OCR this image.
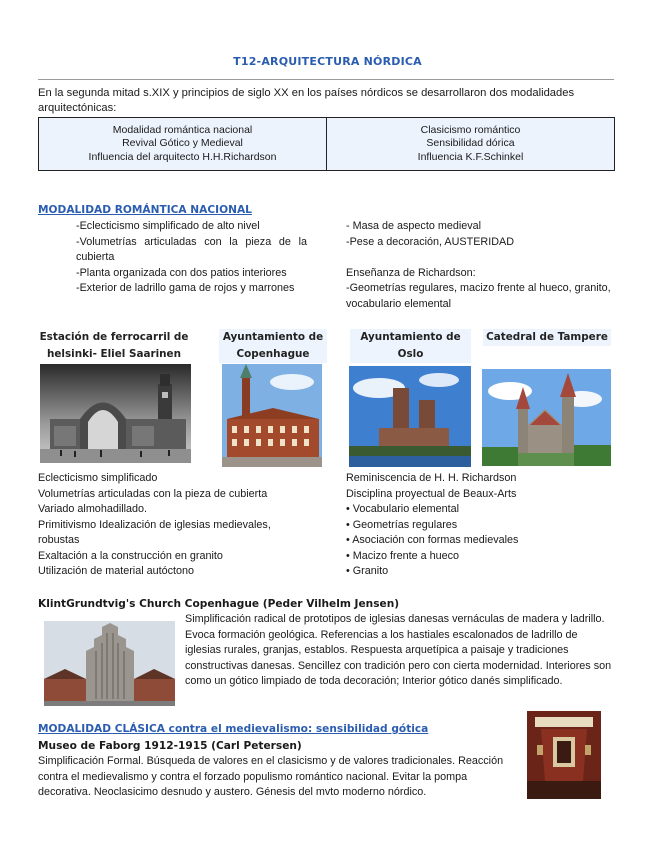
T12-ARQUITECTURA NÓRDICA
En la segunda mitad s.XIX y principios de siglo XX en los países nórdicos se desarrollaron dos modalidades arquitectónicas:
Modalidad romántica nacional
Revival Gótico y Medieval
Influencia del arquitecto H.H.Richardson
Clasicismo romántico
Sensibilidad dórica
Influencia K.F.Schinkel
MODALIDAD ROMÁNTICA NACIONAL
-Eclecticismo simplificado de alto nivel
-Volumetrías articuladas con la pieza de la cubierta
-Planta organizada con dos patios interiores
-Exterior de ladrillo gama de rojos y marrones
- Masa de aspecto medieval
-Pese a decoración, AUSTERIDAD
Enseñanza de Richardson:
-Geometrías regulares, macizo frente al hueco, granito, vocabulario elemental
Estación de ferrocarril de helsinki- Eliel Saarinen
Ayuntamiento de Copenhague
Ayuntamiento de Oslo
Catedral de Tampere
Eclecticismo simplificado
Volumetrías articuladas con la pieza de cubierta
Variado almohadillado.
Primitivismo Idealización de iglesias medievales, robustas
Exaltación a la construcción en granito
Utilización de material autóctono
Reminiscencia de H. H. Richardson
Disciplina proyectual de Beaux-Arts
• Vocabulario elemental
• Geometrías regulares
• Asociación con formas medievales
• Macizo frente a hueco
• Granito
KlintGrundtvig's Church Copenhague (Peder Vilhelm Jensen)
Simplificación radical de prototipos de iglesias danesas vernáculas de madera y ladrillo. Evoca formación geológica. Referencias a los hastiales escalonados de ladrillo de iglesias rurales, granjas, establos. Respuesta arquetípica a paisaje y tradiciones constructivas danesas. Sencillez con tradición pero con cierta modernidad. Interiores son como un gótico limpiado de toda decoración; Interior gótico danés simplificado.
MODALIDAD CLÁSICA contra el medievalismo: sensibilidad gótica
Museo de Faborg 1912-1915 (Carl Petersen)
Simplificación Formal. Búsqueda de valores en el clasicismo y de valores tradicionales. Reacción contra el medievalismo y contra el forzado populismo romántico nacional. Evitar la pompa decorativa. Neoclasicimo desnudo y austero. Génesis del mvto moderno nórdico.
